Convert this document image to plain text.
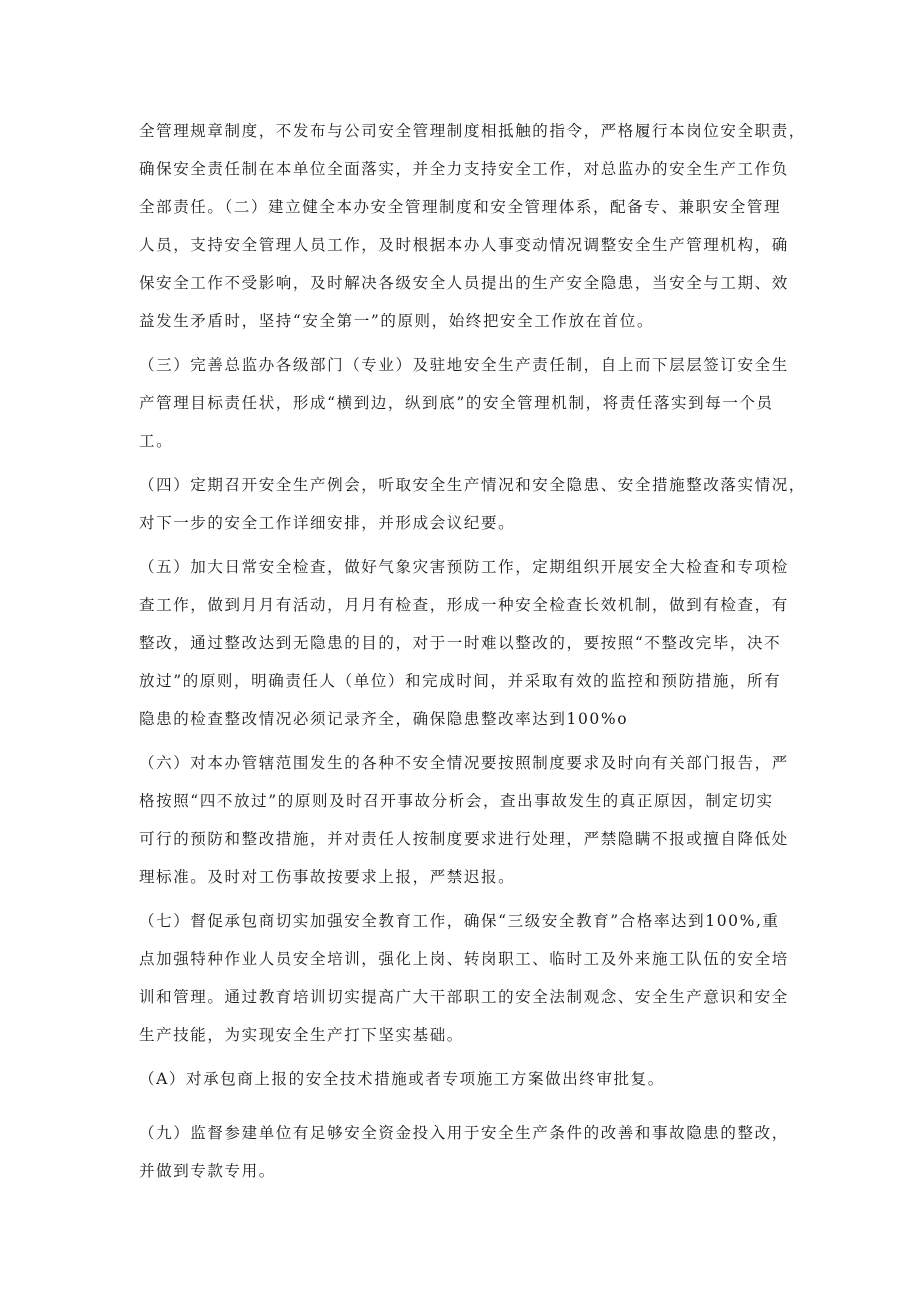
全管理规章制度，不发布与公司安全管理制度相抵触的指令，严格履行本岗位安全职责，
确保安全责任制在本单位全面落实，并全力支持安全工作，对总监办的安全生产工作负
全部责任。（二）建立健全本办安全管理制度和安全管理体系，配备专、兼职安全管理
人员，支持安全管理人员工作，及时根据本办人事变动情况调整安全生产管理机构，确
保安全工作不受影响，及时解决各级安全人员提出的生产安全隐患，当安全与工期、效
益发生矛盾时，坚持“安全第一”的原则，始终把安全工作放在首位。
（三）完善总监办各级部门（专业）及驻地安全生产责任制，自上而下层层签订安全生
产管理目标责任状，形成“横到边，纵到底”的安全管理机制，将责任落实到每一个员
工。
（四）定期召开安全生产例会，听取安全生产情况和安全隐患、安全措施整改落实情况，
对下一步的安全工作详细安排，并形成会议纪要。
（五）加大日常安全检查，做好气象灾害预防工作，定期组织开展安全大检查和专项检
查工作，做到月月有活动，月月有检查，形成一种安全检查长效机制，做到有检查，有
整改，通过整改达到无隐患的目的，对于一时难以整改的，要按照“不整改完毕，决不
放过”的原则，明确责任人（单位）和完成时间，并采取有效的监控和预防措施，所有
隐患的检查整改情况必须记录齐全，确保隐患整改率达到100%o
（六）对本办管辖范围发生的各种不安全情况要按照制度要求及时向有关部门报告，严
格按照“四不放过”的原则及时召开事故分析会，查出事故发生的真正原因，制定切实
可行的预防和整改措施，并对责任人按制度要求进行处理，严禁隐瞒不报或擅自降低处
理标准。及时对工伤事故按要求上报，严禁迟报。
（七）督促承包商切实加强安全教育工作，确保“三级安全教育”合格率达到100%,重
点加强特种作业人员安全培训，强化上岗、转岗职工、临时工及外来施工队伍的安全培
训和管理。通过教育培训切实提高广大干部职工的安全法制观念、安全生产意识和安全
生产技能，为实现安全生产打下坚实基础。
（A）对承包商上报的安全技术措施或者专项施工方案做出终审批复。
（九）监督参建单位有足够安全资金投入用于安全生产条件的改善和事故隐患的整改，
并做到专款专用。
